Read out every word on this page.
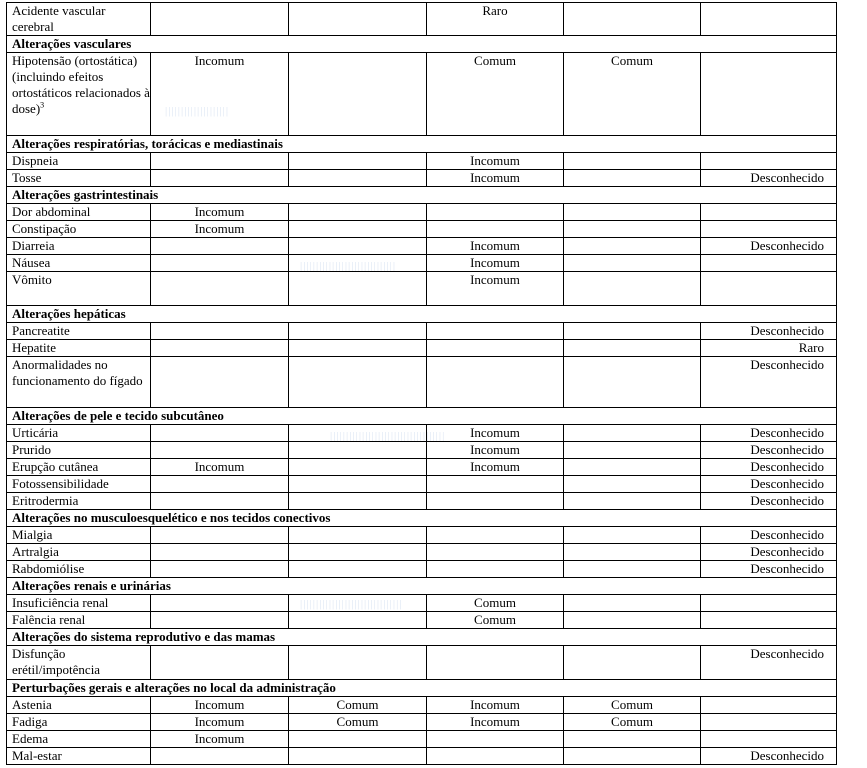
||||||||||||||||||||
||||||||||||||||||||||||||||||
||||||||||||||||||||||||||||||||||||
||||||||||||||||||||||||||||||||
Acidente vascular cerebral			Raro		
Alterações vasculares					
Hipotensão (ortostática) (incluindo efeitos ortostáticos relacionados à dose)$^3$	Incomum		Comum	Comum	
Alterações respiratórias, torácicas e mediastinais					
Dispneia			Incomum		
Tosse			Incomum		Desconhecido
Alterações gastrintestinais					
Dor abdominal	Incomum				
Constipação	Incomum				
Diarreia			Incomum		Desconhecido
Náusea			Incomum		
Vômito			Incomum		
Alterações hepáticas					
Pancreatite					Desconhecido
Hepatite					Raro
Anormalidades no funcionamento do fígado					Desconhecido
Alterações de pele e tecido subcutâneo					
Urticária			Incomum		Desconhecido
Prurido			Incomum		Desconhecido
Erupção cutânea	Incomum		Incomum		Desconhecido
Fotossensibilidade					Desconhecido
Eritrodermia					Desconhecido
Alterações no musculoesquelético e nos tecidos conectivos					
Mialgia					Desconhecido
Artralgia					Desconhecido
Rabdomiólise					Desconhecido
Alterações renais e urinárias					
Insuficiência renal			Comum		
Falência renal			Comum		
Alterações do sistema reprodutivo e das mamas					
Disfunção erétil/impotência					Desconhecido
Perturbações gerais e alterações no local da administração					
Astenia	Incomum	Comum	Incomum	Comum	
Fadiga	Incomum	Comum	Incomum	Comum	
Edema	Incomum				
Mal-estar					Desconhecido
